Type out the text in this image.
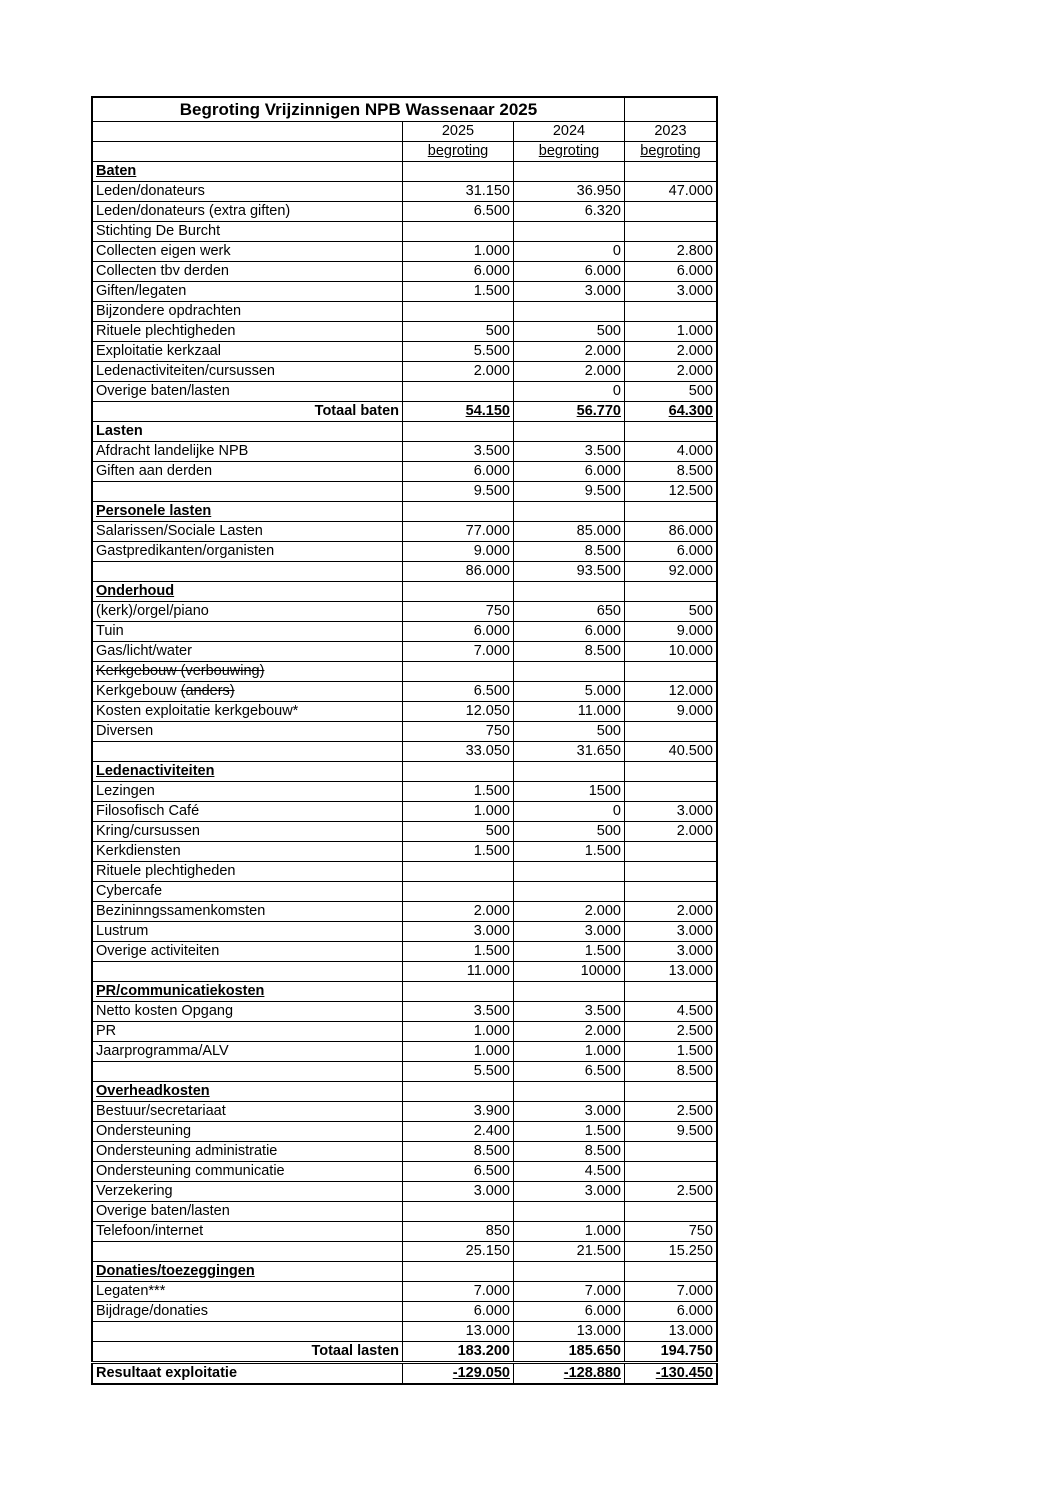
Begroting Vrijzinnigen NPB Wassenaar 2025			
	2025	2024	2023
	begroting	begroting	begroting
Baten			
Leden/donateurs	31.150	36.950	47.000
Leden/donateurs (extra giften)	6.500	6.320	
Stichting De Burcht			
Collecten eigen werk	1.000	0	2.800
Collecten tbv derden	6.000	6.000	6.000
Giften/legaten	1.500	3.000	3.000
Bijzondere opdrachten			
Rituele plechtigheden	500	500	1.000
Exploitatie kerkzaal	5.500	2.000	2.000
Ledenactiviteiten/cursussen	2.000	2.000	2.000
Overige baten/lasten		0	500
Totaal baten	54.150	56.770	64.300
Lasten			
Afdracht landelijke NPB	3.500	3.500	4.000
Giften aan derden	6.000	6.000	8.500
	9.500	9.500	12.500
Personele lasten			
Salarissen/Sociale Lasten	77.000	85.000	86.000
Gastpredikanten/organisten	9.000	8.500	6.000
	86.000	93.500	92.000
Onderhoud			
(kerk)/orgel/piano	750	650	500
Tuin	6.000	6.000	9.000
Gas/licht/water	7.000	8.500	10.000
Kerkgebouw (verbouwing)			
Kerkgebouw (anders)	6.500	5.000	12.000
Kosten exploitatie kerkgebouw*	12.050	11.000	9.000
Diversen	750	500	
	33.050	31.650	40.500
Ledenactiviteiten			
Lezingen	1.500	1500	
Filosofisch Café	1.000	0	3.000
Kring/cursussen	500	500	2.000
Kerkdiensten	1.500	1.500	
Rituele plechtigheden			
Cybercafe			
Bezininngssamenkomsten	2.000	2.000	2.000
Lustrum	3.000	3.000	3.000
Overige activiteiten	1.500	1.500	3.000
	11.000	10000	13.000
PR/communicatiekosten			
Netto kosten Opgang	3.500	3.500	4.500
PR	1.000	2.000	2.500
Jaarprogramma/ALV	1.000	1.000	1.500
	5.500	6.500	8.500
Overheadkosten			
Bestuur/secretariaat	3.900	3.000	2.500
Ondersteuning	2.400	1.500	9.500
Ondersteuning administratie	8.500	8.500	
Ondersteuning communicatie	6.500	4.500	
Verzekering	3.000	3.000	2.500
Overige baten/lasten			
Telefoon/internet	850	1.000	750
	25.150	21.500	15.250
Donaties/toezeggingen			
Legaten***	7.000	7.000	7.000
Bijdrage/donaties	6.000	6.000	6.000
	13.000	13.000	13.000
Totaal lasten	183.200	185.650	194.750
Resultaat exploitatie	-129.050	-128.880	-130.450
